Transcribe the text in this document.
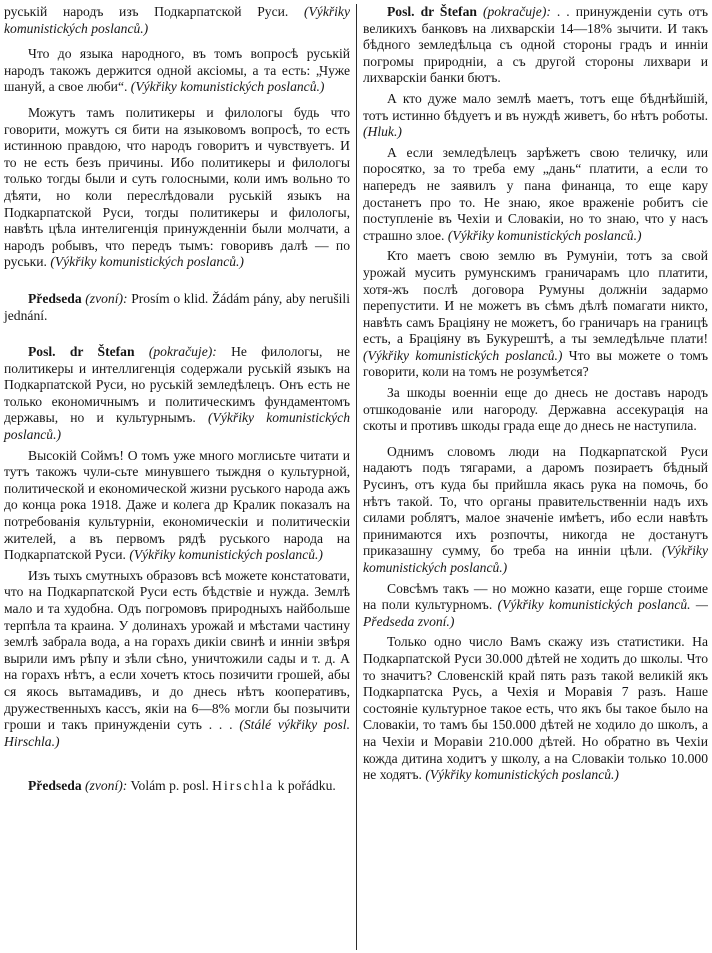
руськiй народъ изъ Подкарпатской Руси. (Výkřiky komunistických poslanců.)

Что до языка народного, въ томъ вопросѣ руськiй народъ такожъ держится одной аксiомы, а та есть: „Чуже шануй, а свое люби“. (Výkřiky komunistických poslanců.)

Можутъ тамъ политикеры и филологы будь что говорити, можутъ ся бити на языковомъ вопросѣ, то есть истинною правдою, что народъ говоритъ и чувствуетъ. И то не есть безъ причины. Ибо политикеры и филологы только тогды были и суть голосными, коли имъ вольно то дѣяти, но коли переслѣдовали руськiй языкъ на Подкарпатской Руси, тогды политикеры и филологы, навѣть цѣла интелигенцiя принужденнiи были молчати, а народъ робывъ, что передъ тымъ: говоривъ далѣ — по руськи. (Výkřiky komunistických poslanců.)

Předseda (zvoní): Prosím o klid. Žádám pány, aby nerušili jednání.

Posl. dr Štefan (pokračuje): Не филологы, не политикеры и интеллигенцiя содержали руськiй языкъ на Подкарпатской Руси, но руськiй земледѣлецъ. Онъ есть не только економичнымъ и политическимъ фундаментомъ державы, но и культурнымъ. (Výkřiky komunistických poslanců.)

Высокiй Соймъ! О томъ уже много моглисьте читати и тутъ такожъ чули-сьте минувшего тыждня о культурной, политической и економической жизни руського народа ажъ до конца рока 1918. Даже и колега др Кралик показалъ на потребованiя культурнiи, економическiи и политическiи жителей, а въ первомъ рядѣ руського народа на Подкарпатской Руси. (Výkřiky komunistických poslanců.)

Изъ тыхъ смутныхъ образовъ всѣ можете констатовати, что на Подкарпатской Руси есть бѣдствiе и нужда. Землѣ мало и та худобна. Одъ погромовъ природныхъ найбольше терпѣла та краина. У долинахъ урожай и мѣстами частину землѣ забрала вода, а на горахъ дикiи свинѣ и иннiи звѣря вырили имъ рѣпу и зѣли сѣно, уничтожили сады и т. д. А на горахъ нѣтъ, а если хочетъ ктось позичити грошей, абы ся якось вытамадивъ, и до днесь нѣтъ кооперативъ, дружественныхъ кассъ, якiи на 6—8% могли бы позычити гроши и такъ принужденiи суть . . . (Stálé výkřiky posl. Hirschla.)

Předseda (zvoní): Volám p. posl. Hirschla k pořádku.

Posl. dr Štefan (pokračuje): . . принужденiи суть отъ великихъ банковъ на лихварскiи 14—18% зычити. И такъ бѣдного земледѣльца съ одной стороны градъ и иннiи погромы природнiи, а съ другой стороны лихвари и лихварскiи банки бютъ.

А кто дуже мало землѣ маетъ, тотъ еще бѣднѣйшiй, тотъ истинно бѣдуетъ и въ нуждѣ живетъ, бо нѣтъ роботы. (Hluk.)

А если земледѣлецъ зарѣжетъ свою теличку, или поросятко, за то треба ему „дань“ платити, а если то напередъ не заявилъ у пана финанца, то еще кару достанетъ про то. Не знаю, якое враженiе робитъ сiе поступленiе въ Чехiи и Словакiи, но то знаю, что у насъ страшно злое. (Výkřiky komunistických poslanců.)

Кто маетъ свою землю въ Румунiи, тотъ за свой урожай мусить румунскимъ граничарамъ цло платити, хотя-жъ послѣ договора Румуны должнiи задармо перепустити. И не можетъ въ сѣмъ дѣлѣ помагати никто, навѣть самъ Брацiяну не можетъ, бо граничаръ на границѣ есть, а Брацiяну въ Букурештѣ, а ты земледѣльче плати! (Výkřiky komunistických poslanců.) Что вы можете о томъ говорити, коли на томъ не розумѣется?

За шкоды военнiи еще до днесь не доставъ народъ отшкодованiе или нагороду. Державна ассекурацiя на скоты и противъ шкоды града еще до днесь не наступила.

Однимъ словомъ люди на Подкарпатской Руси надаютъ подъ тягарами, а даромъ позираетъ бѣдный Русинъ, отъ куда бы прийшла якась рука на помочь, бо нѣтъ такой. То, что органы правительственнiи надъ ихъ силами роблятъ, малое значенiе имѣетъ, ибо если навѣть принимаются ихъ розпочты, никогда не достанутъ приказашну сумму, бо треба на иннiи цѣли. (Výkřiky komunistických poslanců.)

Совсѣмъ такъ — но можно казати, еще горше стоиме на поли культурномъ. (Výkřiky komunistických poslanců. — Předseda zvoní.)

Только одно число Вамъ скажу изъ статистики. На Подкарпатской Руси 30.000 дѣтей не ходить до школы. Что то значитъ? Словенскiй край пять разъ такой великiй якъ Подкарпатска Русь, а Чехiя и Моравiя 7 разъ. Наше состоянiе культурное такое есть, что якъ бы такое было на Словакiи, то тамъ бы 150.000 дѣтей не ходило до школъ, а на Чехiи и Моравiи 210.000 дѣтей. Но обратно въ Чехiи кожда дитина ходитъ у школу, а на Словакiи только 10.000 не ходятъ. (Výkřiky komunistických poslanců.)
